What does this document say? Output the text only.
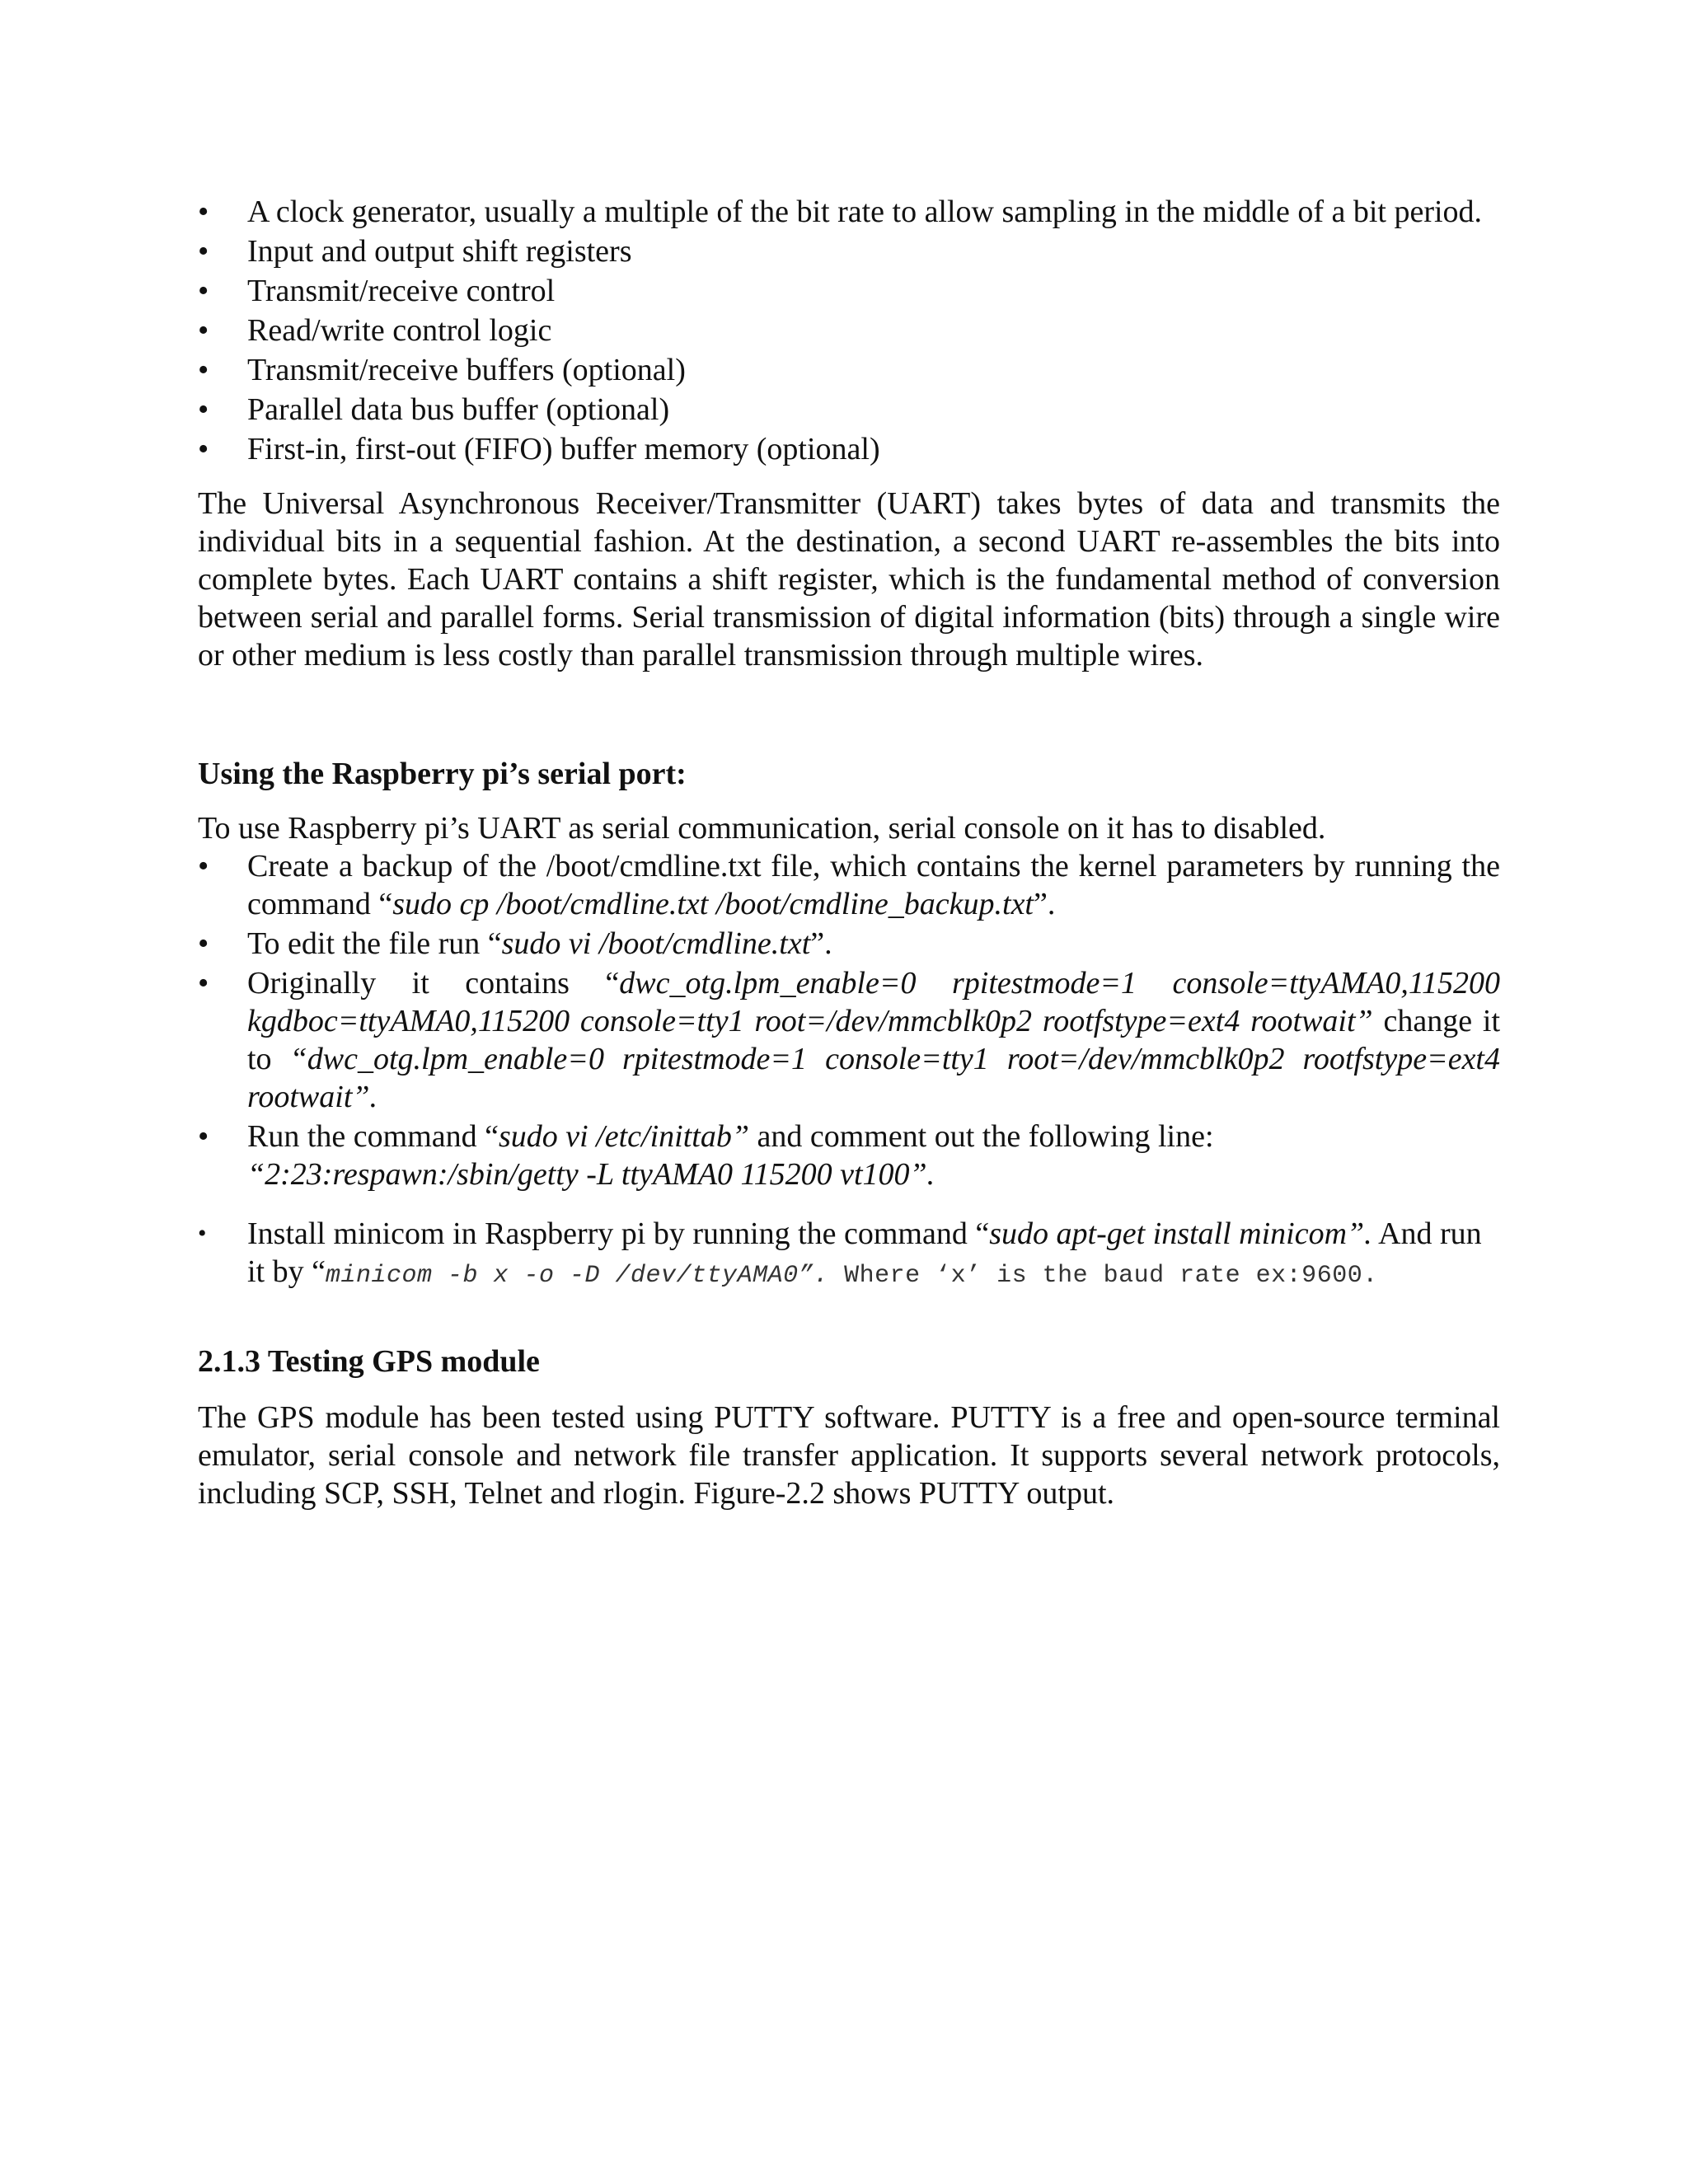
• A clock generator, usually a multiple of the bit rate to allow sampling in the middle of a bit period.
• Input and output shift registers
• Transmit/receive control
• Read/write control logic
• Transmit/receive buffers (optional)
• Parallel data bus buffer (optional)
• First-in, first-out (FIFO) buffer memory (optional)

The Universal Asynchronous Receiver/Transmitter (UART) takes bytes of data and transmits the individual bits in a sequential fashion. At the destination, a second UART re-assembles the bits into complete bytes. Each UART contains a shift register, which is the fundamental method of conversion between serial and parallel forms. Serial transmission of digital information (bits) through a single wire or other medium is less costly than parallel transmission through multiple wires.

Using the Raspberry pi’s serial port:

To use Raspberry pi’s UART as serial communication, serial console on it has to disabled.

• Create a backup of the /boot/cmdline.txt file, which contains the kernel parameters by running the command “sudo cp /boot/cmdline.txt /boot/cmdline_backup.txt”.
• To edit the file run “sudo vi /boot/cmdline.txt”.
• Originally it contains “dwc_otg.lpm_enable=0 rpitestmode=1 console=ttyAMA0,115200 kgdboc=ttyAMA0,115200 console=tty1 root=/dev/mmcblk0p2 rootfstype=ext4 rootwait” change it to “dwc_otg.lpm_enable=0 rpitestmode=1 console=tty1 root=/dev/mmcblk0p2 rootfstype=ext4 rootwait”.
• Run the command “sudo vi /etc/inittab” and comment out the following line:
“2:23:respawn:/sbin/getty -L ttyAMA0 115200 vt100”.
• Install minicom in Raspberry pi by running the command “sudo apt-get install minicom”. And run it by “minicom -b x -o -D /dev/ttyAMA0”. Where ‘x’ is the baud rate ex:9600.

2.1.3 Testing GPS module

The GPS module has been tested using PUTTY software. PUTTY is a free and open-source terminal emulator, serial console and network file transfer application. It supports several network protocols, including SCP, SSH, Telnet and rlogin. Figure-2.2 shows PUTTY output.
